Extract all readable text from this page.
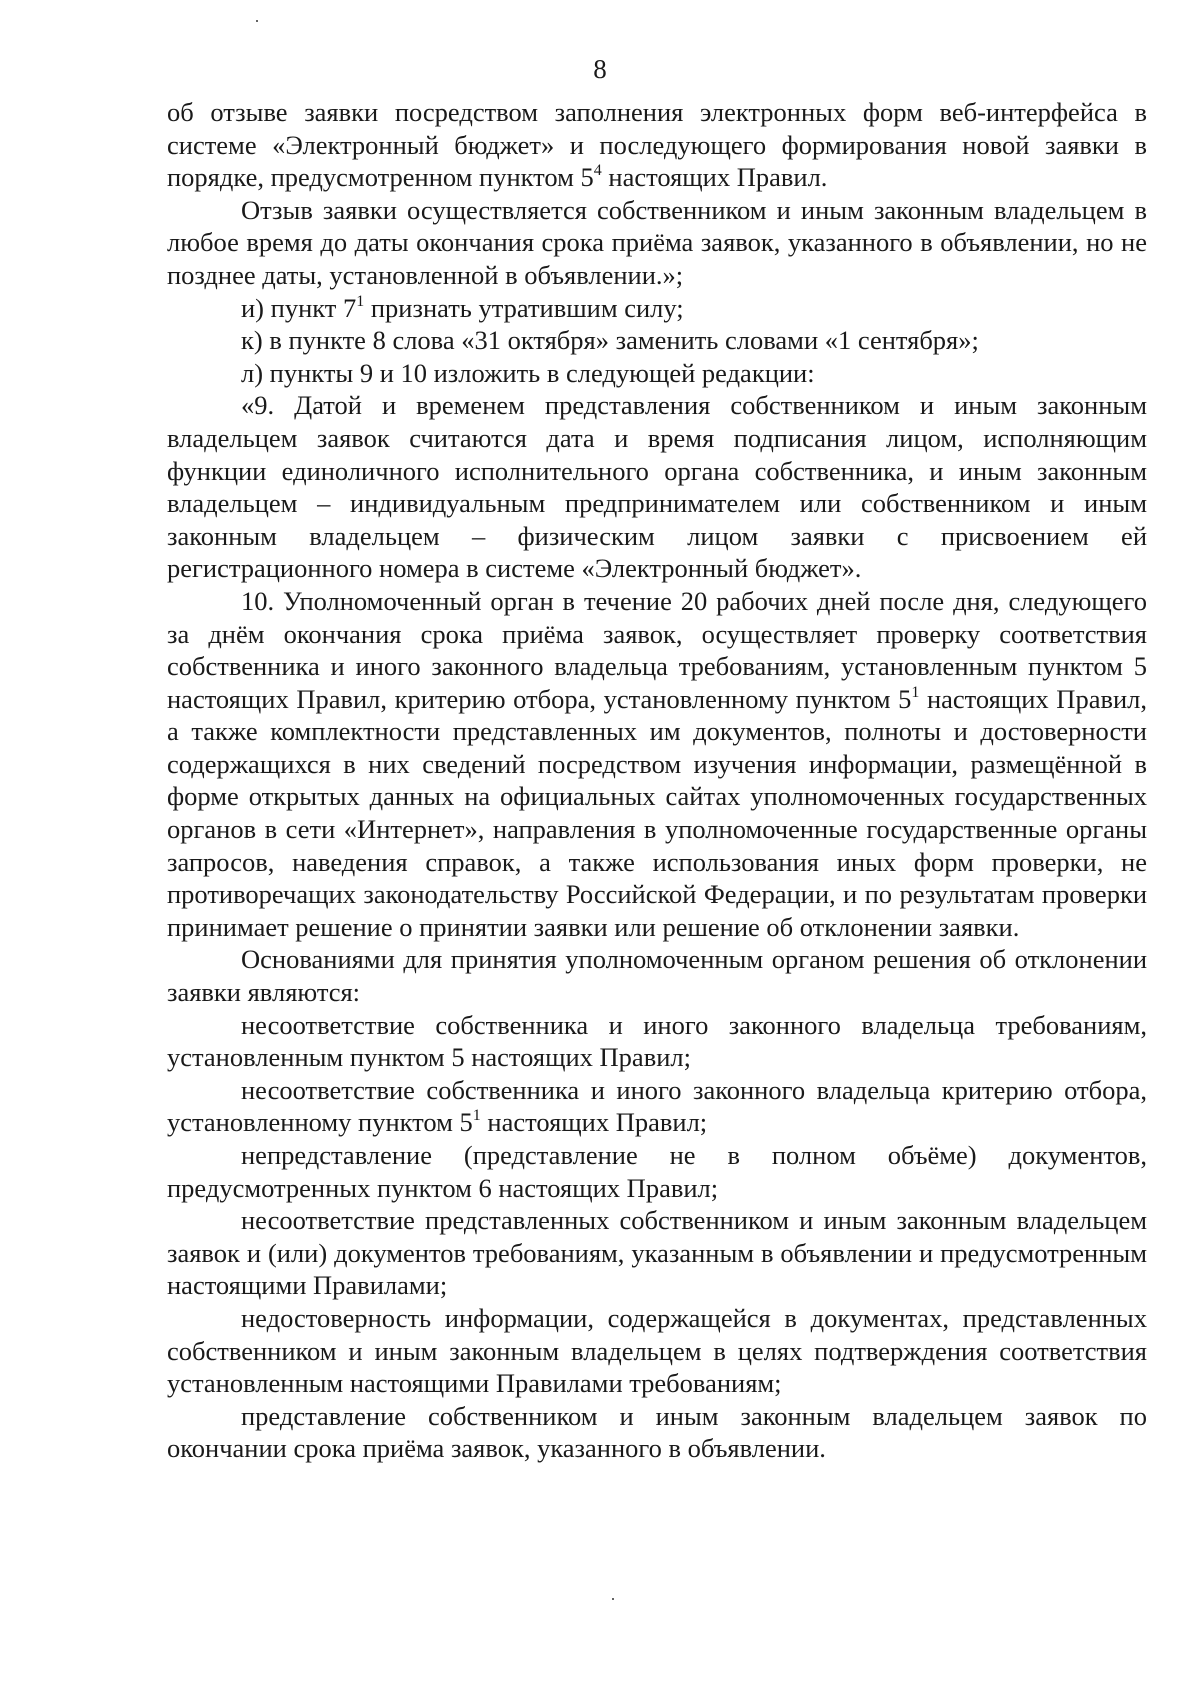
8

об отзыве заявки посредством заполнения электронных форм веб-интерфейса в системе «Электронный бюджет» и последующего формирования новой заявки в порядке, предусмотренном пунктом $5^4$ настоящих Правил.

Отзыв заявки осуществляется собственником и иным законным владельцем в любое время до даты окончания срока приёма заявок, указанного в объявлении, но не позднее даты, установленной в объявлении.»;

и) пункт $7^1$ признать утратившим силу;

к) в пункте 8 слова «31 октября» заменить словами «1 сентября»;

л) пункты 9 и 10 изложить в следующей редакции:

«9. Датой и временем представления собственником и иным законным владельцем заявок считаются дата и время подписания лицом, исполняющим функции единоличного исполнительного органа собственника, и иным законным владельцем – индивидуальным предпринимателем или собственником и иным законным владельцем – физическим лицом заявки с присвоением ей регистрационного номера в системе «Электронный бюджет».

10. Уполномоченный орган в течение 20 рабочих дней после дня, следующего за днём окончания срока приёма заявок, осуществляет проверку соответствия собственника и иного законного владельца требованиям, установленным пунктом 5 настоящих Правил, критерию отбора, установленному пунктом $5^1$ настоящих Правил, а также комплектности представленных им документов, полноты и достоверности содержащихся в них сведений посредством изучения информации, размещённой в форме открытых данных на официальных сайтах уполномоченных государственных органов в сети «Интернет», направления в уполномоченные государственные органы запросов, наведения справок, а также использования иных форм проверки, не противоречащих законодательству Российской Федерации, и по результатам проверки принимает решение о принятии заявки или решение об отклонении заявки.

Основаниями для принятия уполномоченным органом решения об отклонении заявки являются:

несоответствие собственника и иного законного владельца требованиям, установленным пунктом 5 настоящих Правил;

несоответствие собственника и иного законного владельца критерию отбора, установленному пунктом $5^1$ настоящих Правил;

непредставление (представление не в полном объёме) документов, предусмотренных пунктом 6 настоящих Правил;

несоответствие представленных собственником и иным законным владельцем заявок и (или) документов требованиям, указанным в объявлении и предусмотренным настоящими Правилами;

недостоверность информации, содержащейся в документах, представленных собственником и иным законным владельцем в целях подтверждения соответствия установленным настоящими Правилами требованиям;

представление собственником и иным законным владельцем заявок по окончании срока приёма заявок, указанного в объявлении.
